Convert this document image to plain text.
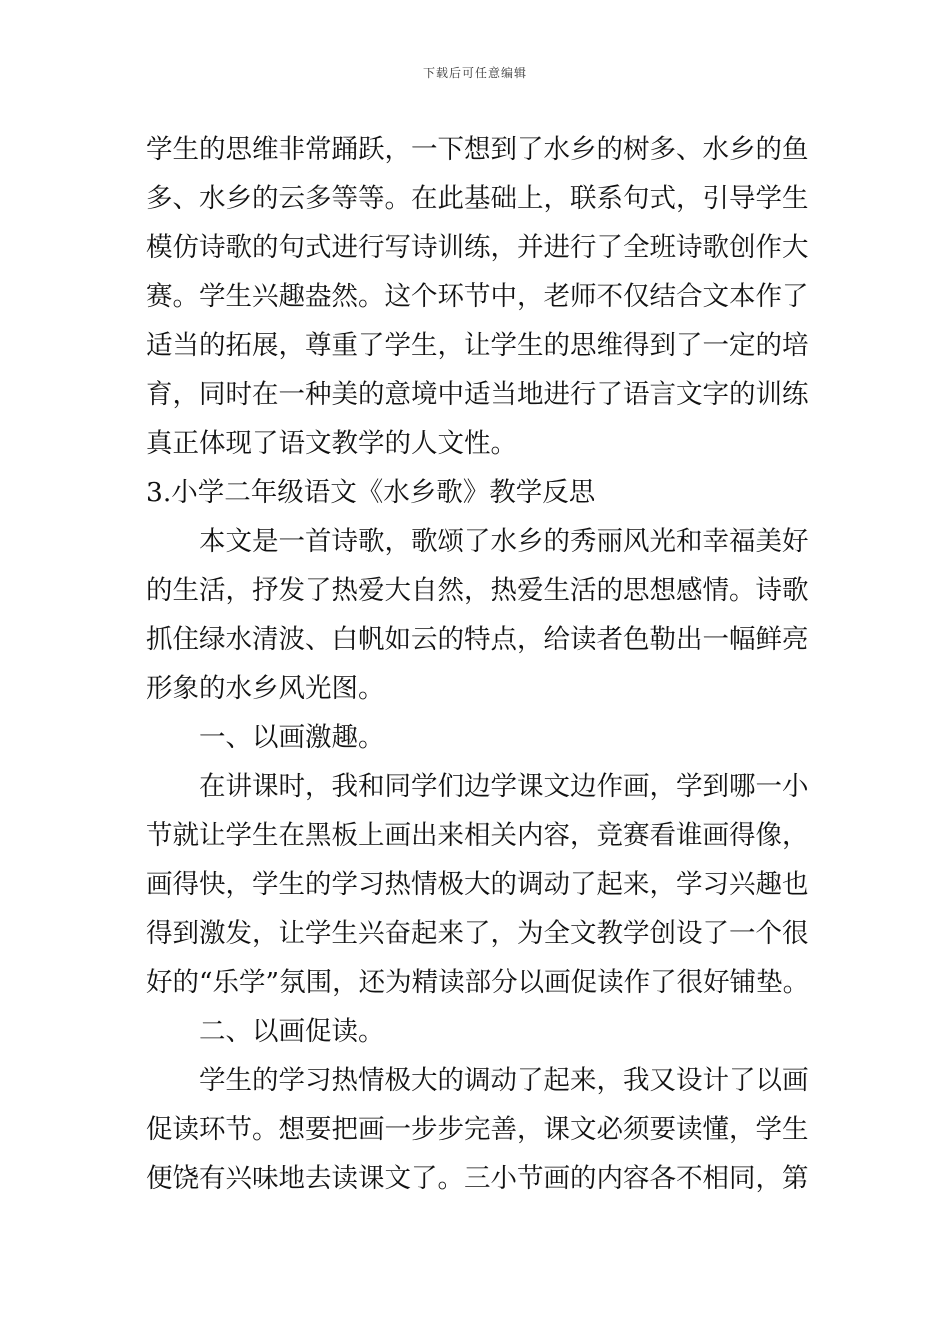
下载后可任意编辑
学生的思维非常踊跃，一下想到了水乡的树多、水乡的鱼
多、水乡的云多等等。在此基础上，联系句式，引导学生
模仿诗歌的句式进行写诗训练，并进行了全班诗歌创作大
赛。学生兴趣盎然。这个环节中，老师不仅结合文本作了
适当的拓展，尊重了学生，让学生的思维得到了一定的培
育，同时在一种美的意境中适当地进行了语言文字的训练
真正体现了语文教学的人文性。
3.小学二年级语文《水乡歌》教学反思
本文是一首诗歌，歌颂了水乡的秀丽风光和幸福美好
的生活，抒发了热爱大自然，热爱生活的思想感情。诗歌
抓住绿水清波、白帆如云的特点，给读者色勒出一幅鲜亮
形象的水乡风光图。
一、以画激趣。
在讲课时，我和同学们边学课文边作画，学到哪一小
节就让学生在黑板上画出来相关内容，竞赛看谁画得像，
画得快，学生的学习热情极大的调动了起来，学习兴趣也
得到激发，让学生兴奋起来了，为全文教学创设了一个很
好的“乐学”氛围，还为精读部分以画促读作了很好铺垫。
二、以画促读。
学生的学习热情极大的调动了起来，我又设计了以画
促读环节。想要把画一步步完善，课文必须要读懂，学生
便饶有兴味地去读课文了。三小节画的内容各不相同，第
